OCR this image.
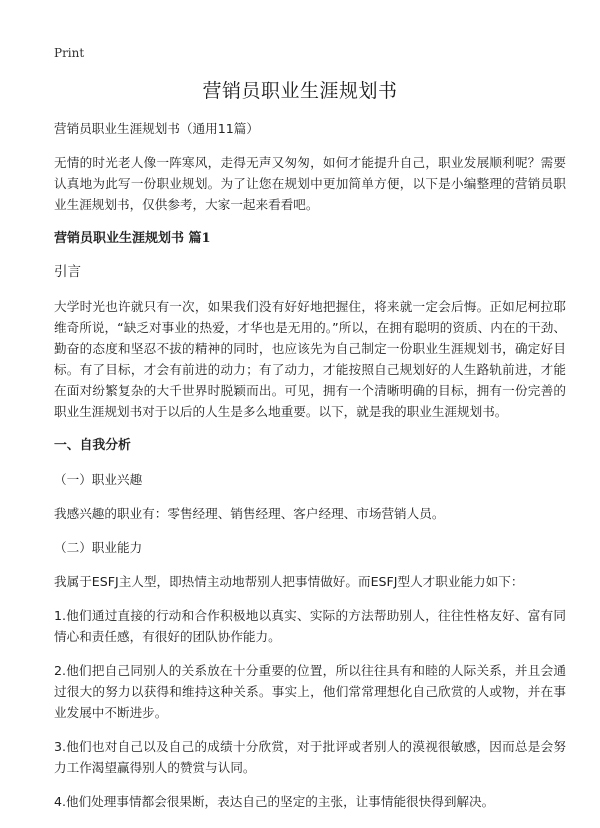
Print
营销员职业生涯规划书

营销员职业生涯规划书（通用11篇）

无情的时光老人像一阵寒风，走得无声又匆匆，如何才能提升自己，职业发展顺利呢？需要认真地为此写一份职业规划。为了让您在规划中更加简单方便，以下是小编整理的营销员职业生涯规划书，仅供参考，大家一起来看看吧。

营销员职业生涯规划书 篇1

引言

大学时光也许就只有一次，如果我们没有好好地把握住，将来就一定会后悔。正如尼柯拉耶维奇所说，“缺乏对事业的热爱，才华也是无用的。”所以，在拥有聪明的资质、内在的干劲、勤奋的态度和坚忍不拔的精神的同时，也应该先为自己制定一份职业生涯规划书，确定好目标。有了目标，才会有前进的动力；有了动力，才能按照自己规划好的人生路轨前进，才能在面对纷繁复杂的大千世界时脱颖而出。可见，拥有一个清晰明确的目标，拥有一份完善的职业生涯规划书对于以后的人生是多么地重要。以下，就是我的职业生涯规划书。

一、自我分析

（一）职业兴趣

我感兴趣的职业有：零售经理、销售经理、客户经理、市场营销人员。

（二）职业能力

我属于ESFJ主人型，即热情主动地帮别人把事情做好。而ESFJ型人才职业能力如下：

1.他们通过直接的行动和合作积极地以真实、实际的方法帮助别人，往往性格友好、富有同情心和责任感，有很好的团队协作能力。

2.他们把自己同别人的关系放在十分重要的位置，所以往往具有和睦的人际关系，并且会通过很大的努力以获得和维持这种关系。事实上，他们常常理想化自己欣赏的人或物，并在事业发展中不断进步。

3.他们也对自己以及自己的成绩十分欣赏，对于批评或者别人的漠视很敏感，因而总是会努力工作渴望赢得别人的赞赏与认同。

4.他们处理事情都会很果断，表达自己的坚定的主张，让事情能很快得到解决。
